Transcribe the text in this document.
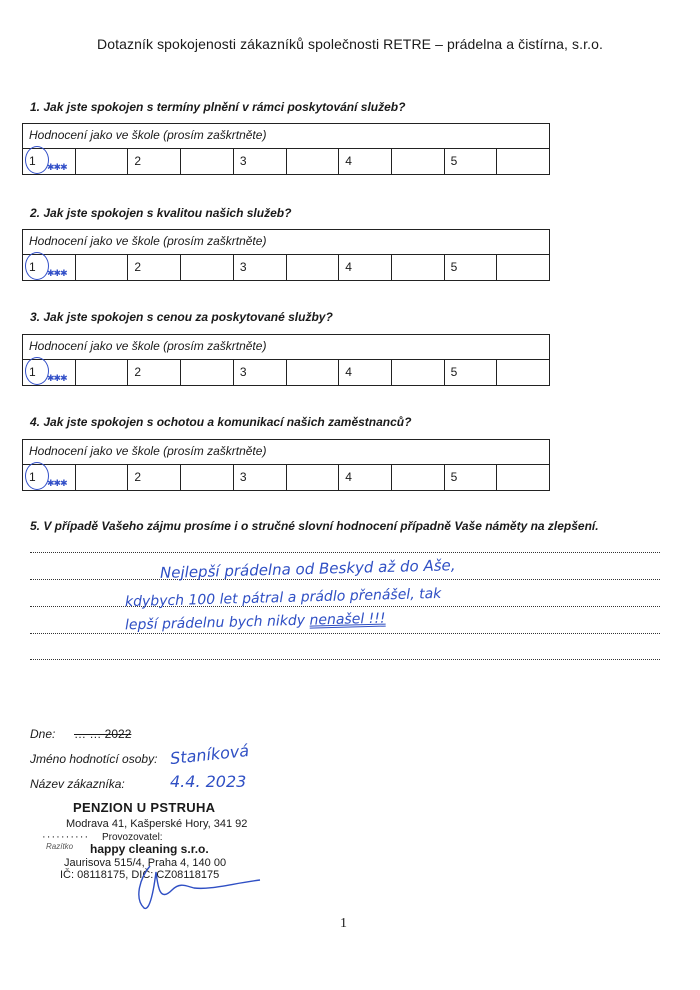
Dotazník spokojenosti zákazníků společnosti RETRE – prádelna a čistírna, s.r.o.
1. Jak jste spokojen s termíny plnění v rámci poskytování služeb?
Hodnocení jako ve škole (prosím zaškrtněte)
1 ✱✱✱	2	3	4	5
2. Jak jste spokojen s kvalitou našich služeb?
Hodnocení jako ve škole (prosím zaškrtněte)
1 ✱✱✱	2	3	4	5
3. Jak jste spokojen s cenou za poskytované služby?
Hodnocení jako ve škole (prosím zaškrtněte)
1 ✱✱✱	2	3	4	5
4. Jak jste spokojen s ochotou a komunikací našich zaměstnanců?
Hodnocení jako ve škole (prosím zaškrtněte)
1 ✱✱✱	2	3	4	5
5. V případě Vašeho zájmu prosíme i o stručné slovní hodnocení případně Vaše náměty na zlepšení.
Nejlepší prádelna od Beskyd až do Aše,
kdybych 100 let pátral a prádlo přenášel, tak
lepší prádelnu bych nikdy nenašel !!!
Dne: … … 2022
Jméno hodnotící osoby: Staníková
Název zákazníka:	4.4. 2023
PENZION U PSTRUHA
Modrava 41, Kašperské Hory, 341 92
· · · · · · · · · · Provozovatel:
Razítko happy cleaning s.r.o.
Jaurisova 515/4, Praha 4, 140 00
IČ: 08118175, DIČ: CZ08118175
1
